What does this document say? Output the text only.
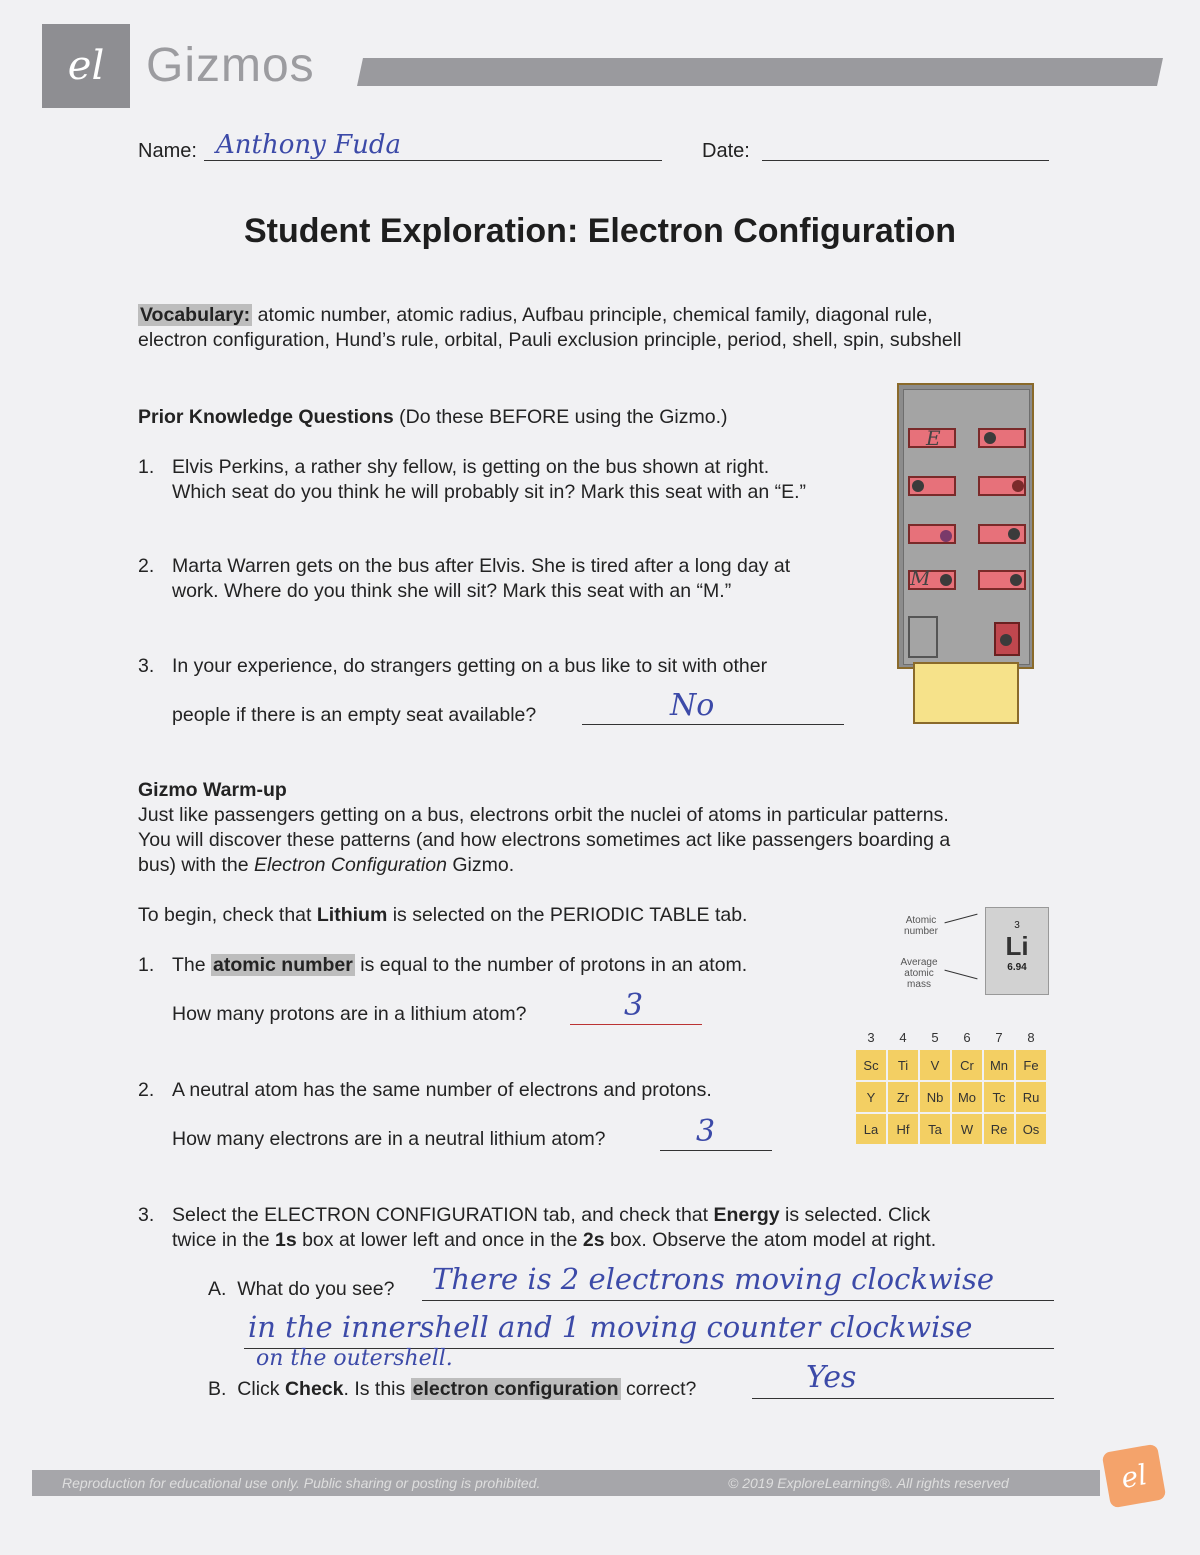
el Gizmos
Name: Anthony Fuda	Date:
Student Exploration: Electron Configuration
Vocabulary: atomic number, atomic radius, Aufbau principle, chemical family, diagonal rule,
electron configuration, Hund’s rule, orbital, Pauli exclusion principle, period, shell, spin, subshell
Prior Knowledge Questions (Do these BEFORE using the Gizmo.)
1. Elvis Perkins, a rather shy fellow, is getting on the bus shown at right.
Which seat do you think he will probably sit in? Mark this seat with an “E.”
2. Marta Warren gets on the bus after Elvis. She is tired after a long day at
work. Where do you think she will sit? Mark this seat with an “M.”
3. In your experience, do strangers getting on a bus like to sit with other
people if there is an empty seat available?	No
E
M
Gizmo Warm-up
Just like passengers getting on a bus, electrons orbit the nuclei of atoms in particular patterns.
You will discover these patterns (and how electrons sometimes act like passengers boarding a
bus) with the Electron Configuration Gizmo.
To begin, check that Lithium is selected on the PERIODIC TABLE tab.
1. The atomic number is equal to the number of protons in an atom.
How many protons are in a lithium atom?	3
2. A neutral atom has the same number of electrons and protons.
How many electrons are in a neutral lithium atom?	3
Atomic
number
Average
atomic
mass
3
Li
6.94
3	4	5	6	7	8
Sc	Ti	V	Cr	Mn	Fe
Y	Zr	Nb	Mo	Tc	Ru
La	Hf	Ta	W	Re	Os
3. Select the ELECTRON CONFIGURATION tab, and check that Energy is selected. Click
twice in the 1s box at lower left and once in the 2s box. Observe the atom model at right.
A. What do you see? There is 2 electrons moving clockwise
in the innershell and 1 moving counter clockwise
on the outershell.
B. Click Check. Is this electron configuration correct?	Yes
Reproduction for educational use only. Public sharing or posting is prohibited.	© 2019 ExploreLearning®. All rights reserved	el
